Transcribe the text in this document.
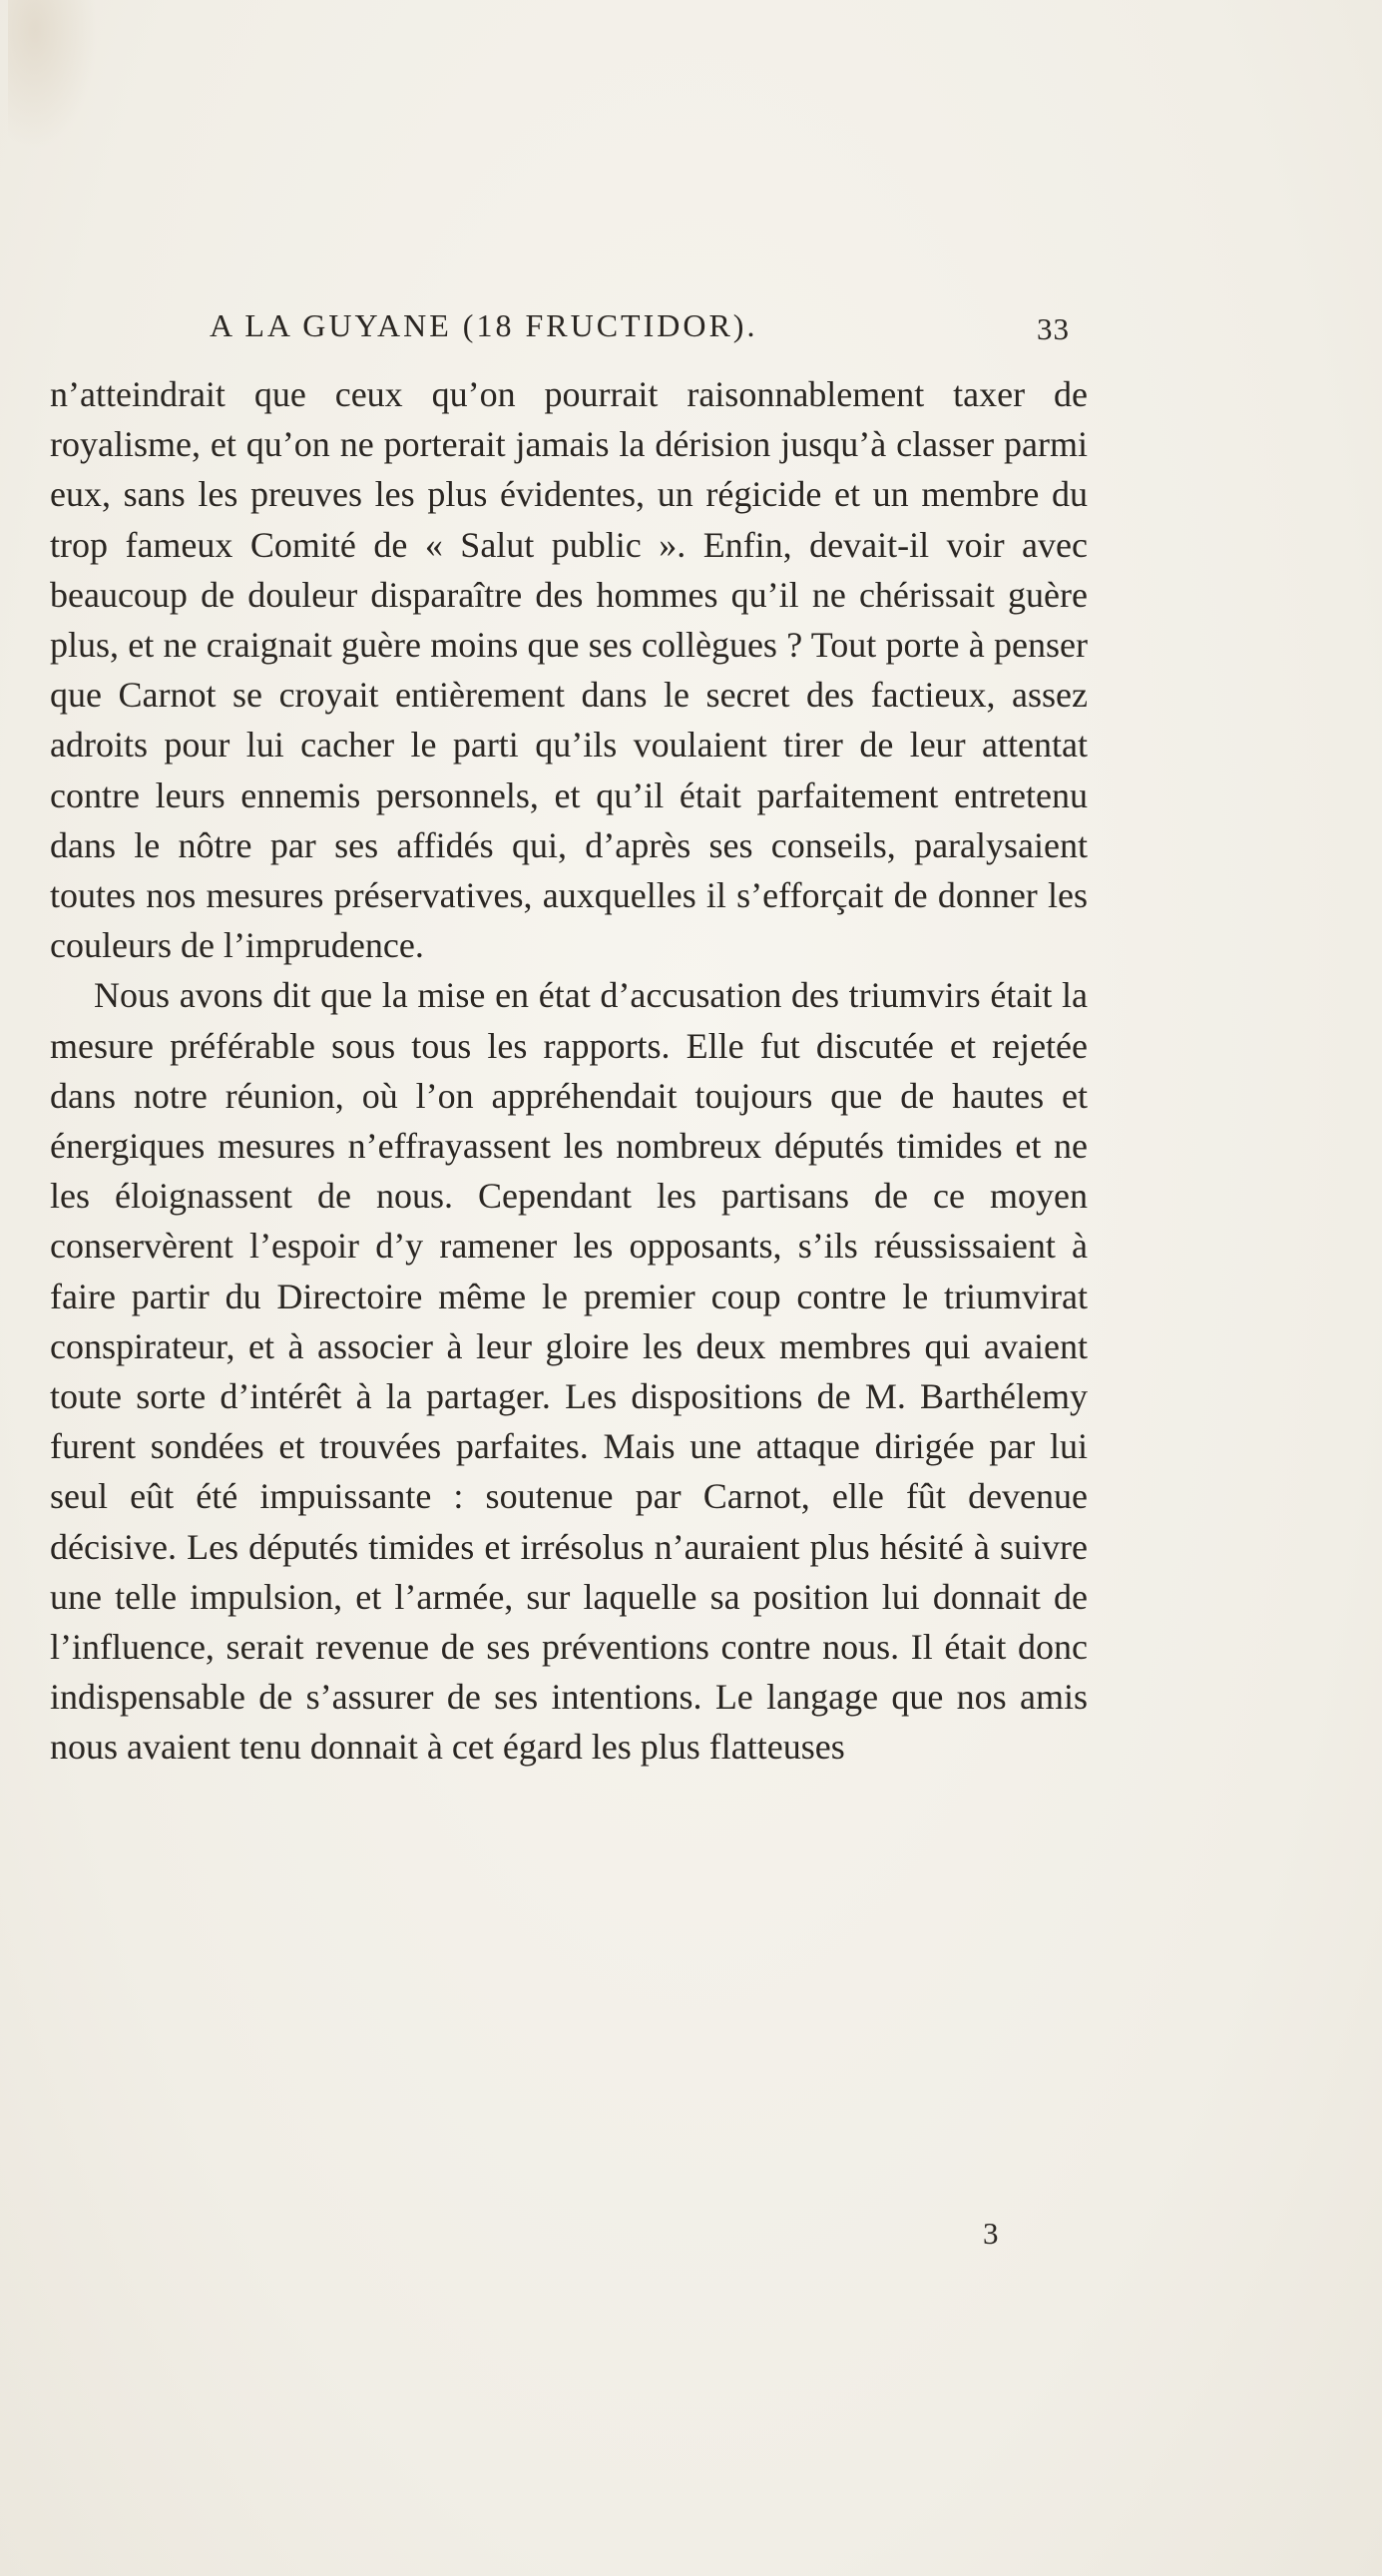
A LA GUYANE (18 FRUCTIDOR).	33

n’atteindrait que ceux qu’on pourrait raisonnablement taxer de royalisme, et qu’on ne porterait jamais la dérision jusqu’à classer parmi eux, sans les preuves les plus évidentes, un régicide et un membre du trop fameux Comité de « Salut public ». Enfin, devait-il voir avec beaucoup de douleur disparaître des hommes qu’il ne chérissait guère plus, et ne craignait guère moins que ses collègues ? Tout porte à penser que Carnot se croyait entièrement dans le secret des factieux, assez adroits pour lui cacher le parti qu’ils voulaient tirer de leur attentat contre leurs ennemis personnels, et qu’il était parfaitement entretenu dans le nôtre par ses affidés qui, d’après ses conseils, paralysaient toutes nos mesures préservatives, auxquelles il s’efforçait de donner les couleurs de l’imprudence.

Nous avons dit que la mise en état d’accusation des triumvirs était la mesure préférable sous tous les rapports. Elle fut discutée et rejetée dans notre réunion, où l’on appréhendait toujours que de hautes et énergiques mesures n’effrayassent les nombreux députés timides et ne les éloignassent de nous. Cependant les partisans de ce moyen conservèrent l’espoir d’y ramener les opposants, s’ils réussissaient à faire partir du Directoire même le premier coup contre le triumvirat conspirateur, et à associer à leur gloire les deux membres qui avaient toute sorte d’intérêt à la partager. Les dispositions de M. Barthélemy furent sondées et trouvées parfaites. Mais une attaque dirigée par lui seul eût été impuissante : soutenue par Carnot, elle fût devenue décisive. Les députés timides et irrésolus n’auraient plus hésité à suivre une telle impulsion, et l’armée, sur laquelle sa position lui donnait de l’influence, serait revenue de ses préventions contre nous. Il était donc indispensable de s’assurer de ses intentions. Le langage que nos amis nous avaient tenu donnait à cet égard les plus flatteuses

3
